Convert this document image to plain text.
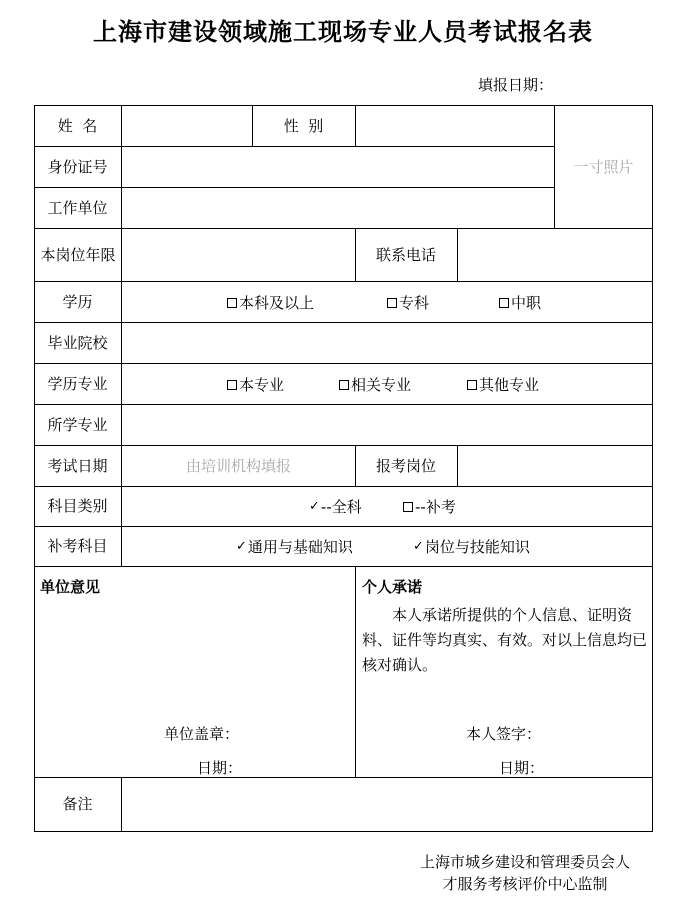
上海市建设领域施工现场专业人员考试报名表
填报日期：
姓  名	性  别
一寸照片
身份证号
工作单位
本岗位年限	联系电话
学历	本科及以上	专科	中职
毕业院校
学历专业	本专业	相关专业	其他专业
所学专业
考试日期	由培训机构填报	报考岗位
科目类别	✓ --全科	--补考
补考科目	✓ 通用与基础知识	✓ 岗位与技能知识
单位意见
单位盖章：
日期：
个人承诺
本人承诺所提供的个人信息、证明资料、证件等均真实、有效。对以上信息均已核对确认。
本人签字：
日期：
备注
上海市城乡建设和管理委员会人
才服务考核评价中心监制
